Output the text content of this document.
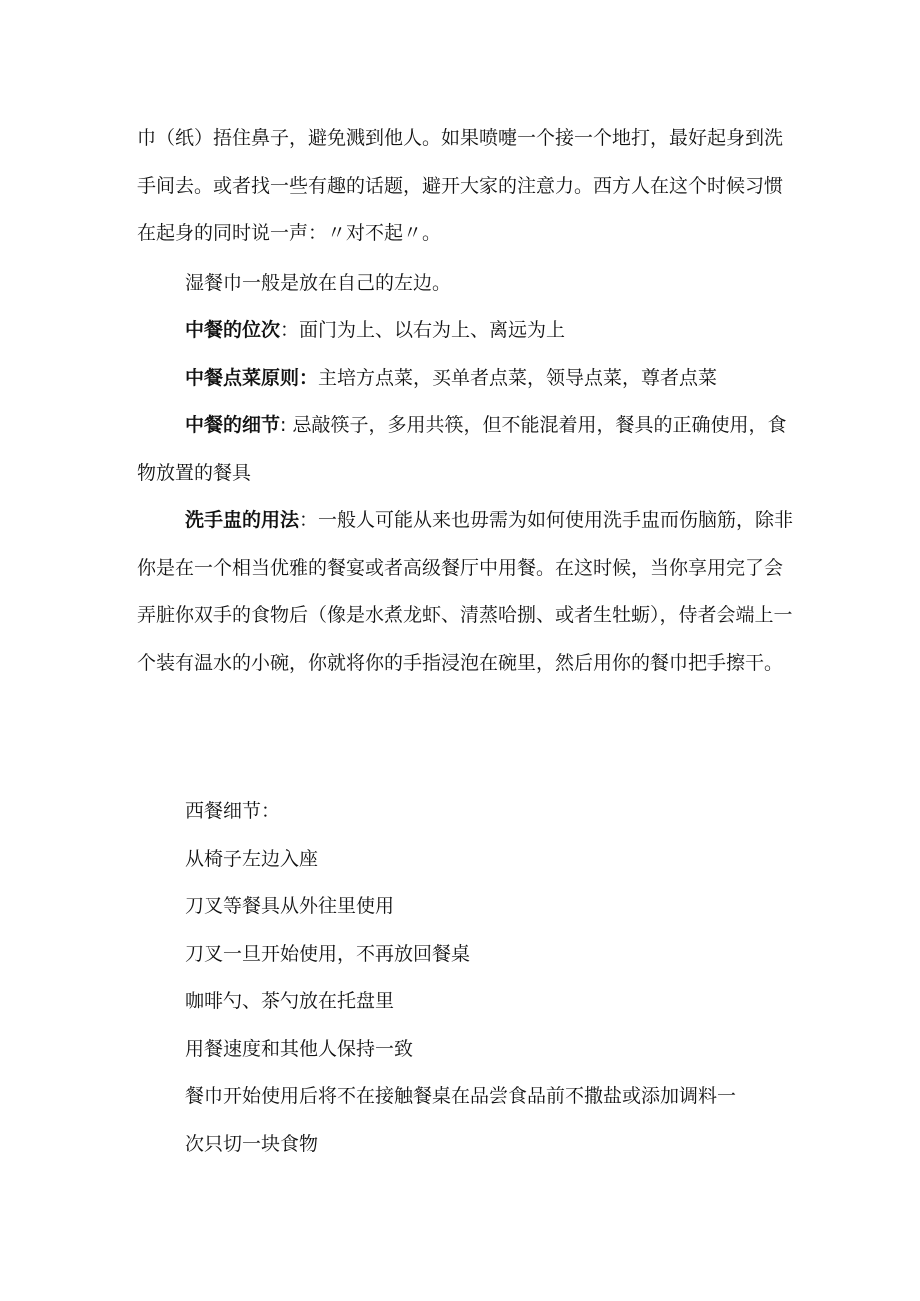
巾（纸）捂住鼻子，避免溅到他人。如果喷嚏一个接一个地打，最好起身到洗手间去。或者找一些有趣的话题，避开大家的注意力。西方人在这个时候习惯在起身的同时说一声：〃对不起〃。

湿餐巾一般是放在自己的左边。

中餐的位次：面门为上、以右为上、离远为上

中餐点菜原则：主培方点菜，买单者点菜，领导点菜，尊者点菜

中餐的细节: 忌敲筷子，多用共筷，但不能混着用，餐具的正确使用，食物放置的餐具

洗手盅的用法：一般人可能从来也毋需为如何使用洗手盅而伤脑筋，除非你是在一个相当优雅的餐宴或者高级餐厅中用餐。在这时候，当你享用完了会弄脏你双手的食物后（像是水煮龙虾、清蒸哈捌、或者生牡蛎），侍者会端上一个装有温水的小碗，你就将你的手指浸泡在碗里，然后用你的餐巾把手擦干。

西餐细节：

从椅子左边入座

刀叉等餐具从外往里使用

刀叉一旦开始使用，不再放回餐桌

咖啡勺、茶勺放在托盘里

用餐速度和其他人保持一致

餐巾开始使用后将不在接触餐桌在品尝食品前不撒盐或添加调料一

次只切一块食物
